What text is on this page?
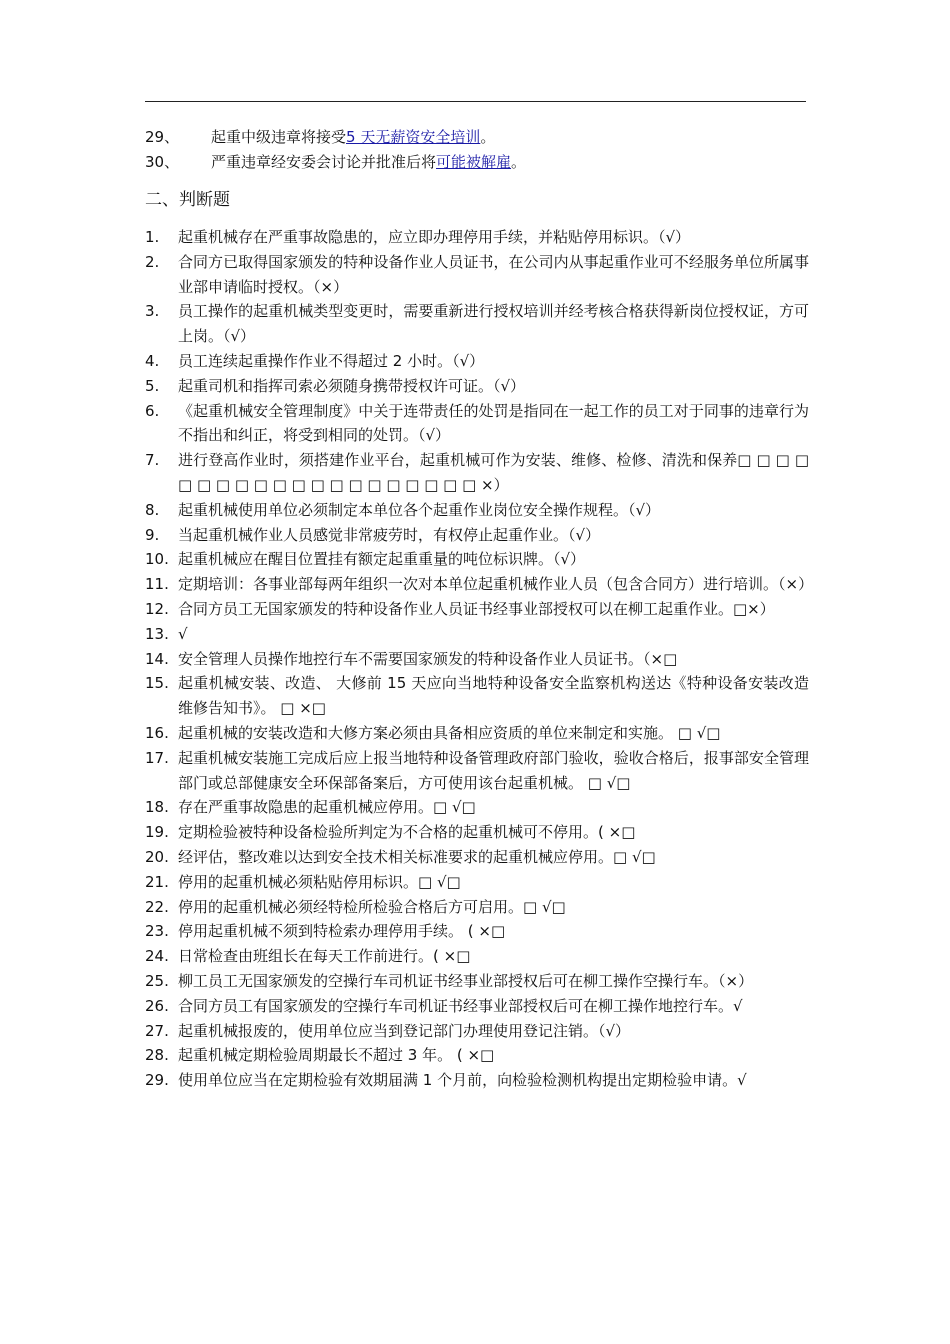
29、 起重中级违章将接受5 天无薪资安全培训。
30、 严重违章经安委会讨论并批准后将可能被解雇。
二、判断题
1. 起重机械存在严重事故隐患的，应立即办理停用手续，并粘贴停用标识。（√）
2. 合同方已取得国家颁发的特种设备作业人员证书，在公司内从事起重作业可不经服务单位所属事业部申请临时授权。（×）
3. 员工操作的起重机械类型变更时，需要重新进行授权培训并经考核合格获得新岗位授权证，方可上岗。（√）
4. 员工连续起重操作作业不得超过 2 小时。（√）
5. 起重司机和指挥司索必须随身携带授权许可证。（√）
6. 《起重机械安全管理制度》中关于连带责任的处罚是指同在一起工作的员工对于同事的违章行为不指出和纠正，将受到相同的处罚。（√）
7. 进行登高作业时，须搭建作业平台，起重机械可作为安装、维修、检修、清洗和保养□ □ □ □ □ □ □ □ □ □ □ □ □ □ □ □ □ □ □ □ ×）
8. 起重机械使用单位必须制定本单位各个起重作业岗位安全操作规程。（√）
9. 当起重机械作业人员感觉非常疲劳时，有权停止起重作业。（√）
10. 起重机械应在醒目位置挂有额定起重重量的吨位标识牌。（√）
11. 定期培训：各事业部每两年组织一次对本单位起重机械作业人员（包含合同方）进行培训。（×）
12. 合同方员工无国家颁发的特种设备作业人员证书经事业部授权可以在柳工起重作业。□×）
13. √
14. 安全管理人员操作地控行车不需要国家颁发的特种设备作业人员证书。（×□
15. 起重机械安装、改造、 大修前 15 天应向当地特种设备安全监察机构送达《特种设备安装改造维修告知书》。 □ ×□
16. 起重机械的安装改造和大修方案必须由具备相应资质的单位来制定和实施。 □ √□
17. 起重机械安装施工完成后应上报当地特种设备管理政府部门验收，验收合格后，报事部安全管理部门或总部健康安全环保部备案后，方可使用该台起重机械。 □ √□
18. 存在严重事故隐患的起重机械应停用。□ √□
19. 定期检验被特种设备检验所判定为不合格的起重机械可不停用。( ×□
20. 经评估，整改难以达到安全技术相关标准要求的起重机械应停用。□ √□
21. 停用的起重机械必须粘贴停用标识。□ √□
22. 停用的起重机械必须经特检所检验合格后方可启用。□ √□
23. 停用起重机械不须到特检索办理停用手续。 ( ×□
24. 日常检查由班组长在每天工作前进行。( ×□
25. 柳工员工无国家颁发的空操行车司机证书经事业部授权后可在柳工操作空操行车。（×）
26. 合同方员工有国家颁发的空操行车司机证书经事业部授权后可在柳工操作地控行车。√
27. 起重机械报废的，使用单位应当到登记部门办理使用登记注销。（√）
28. 起重机械定期检验周期最长不超过 3 年。 ( ×□
29. 使用单位应当在定期检验有效期届满 1 个月前，向检验检测机构提出定期检验申请。√
